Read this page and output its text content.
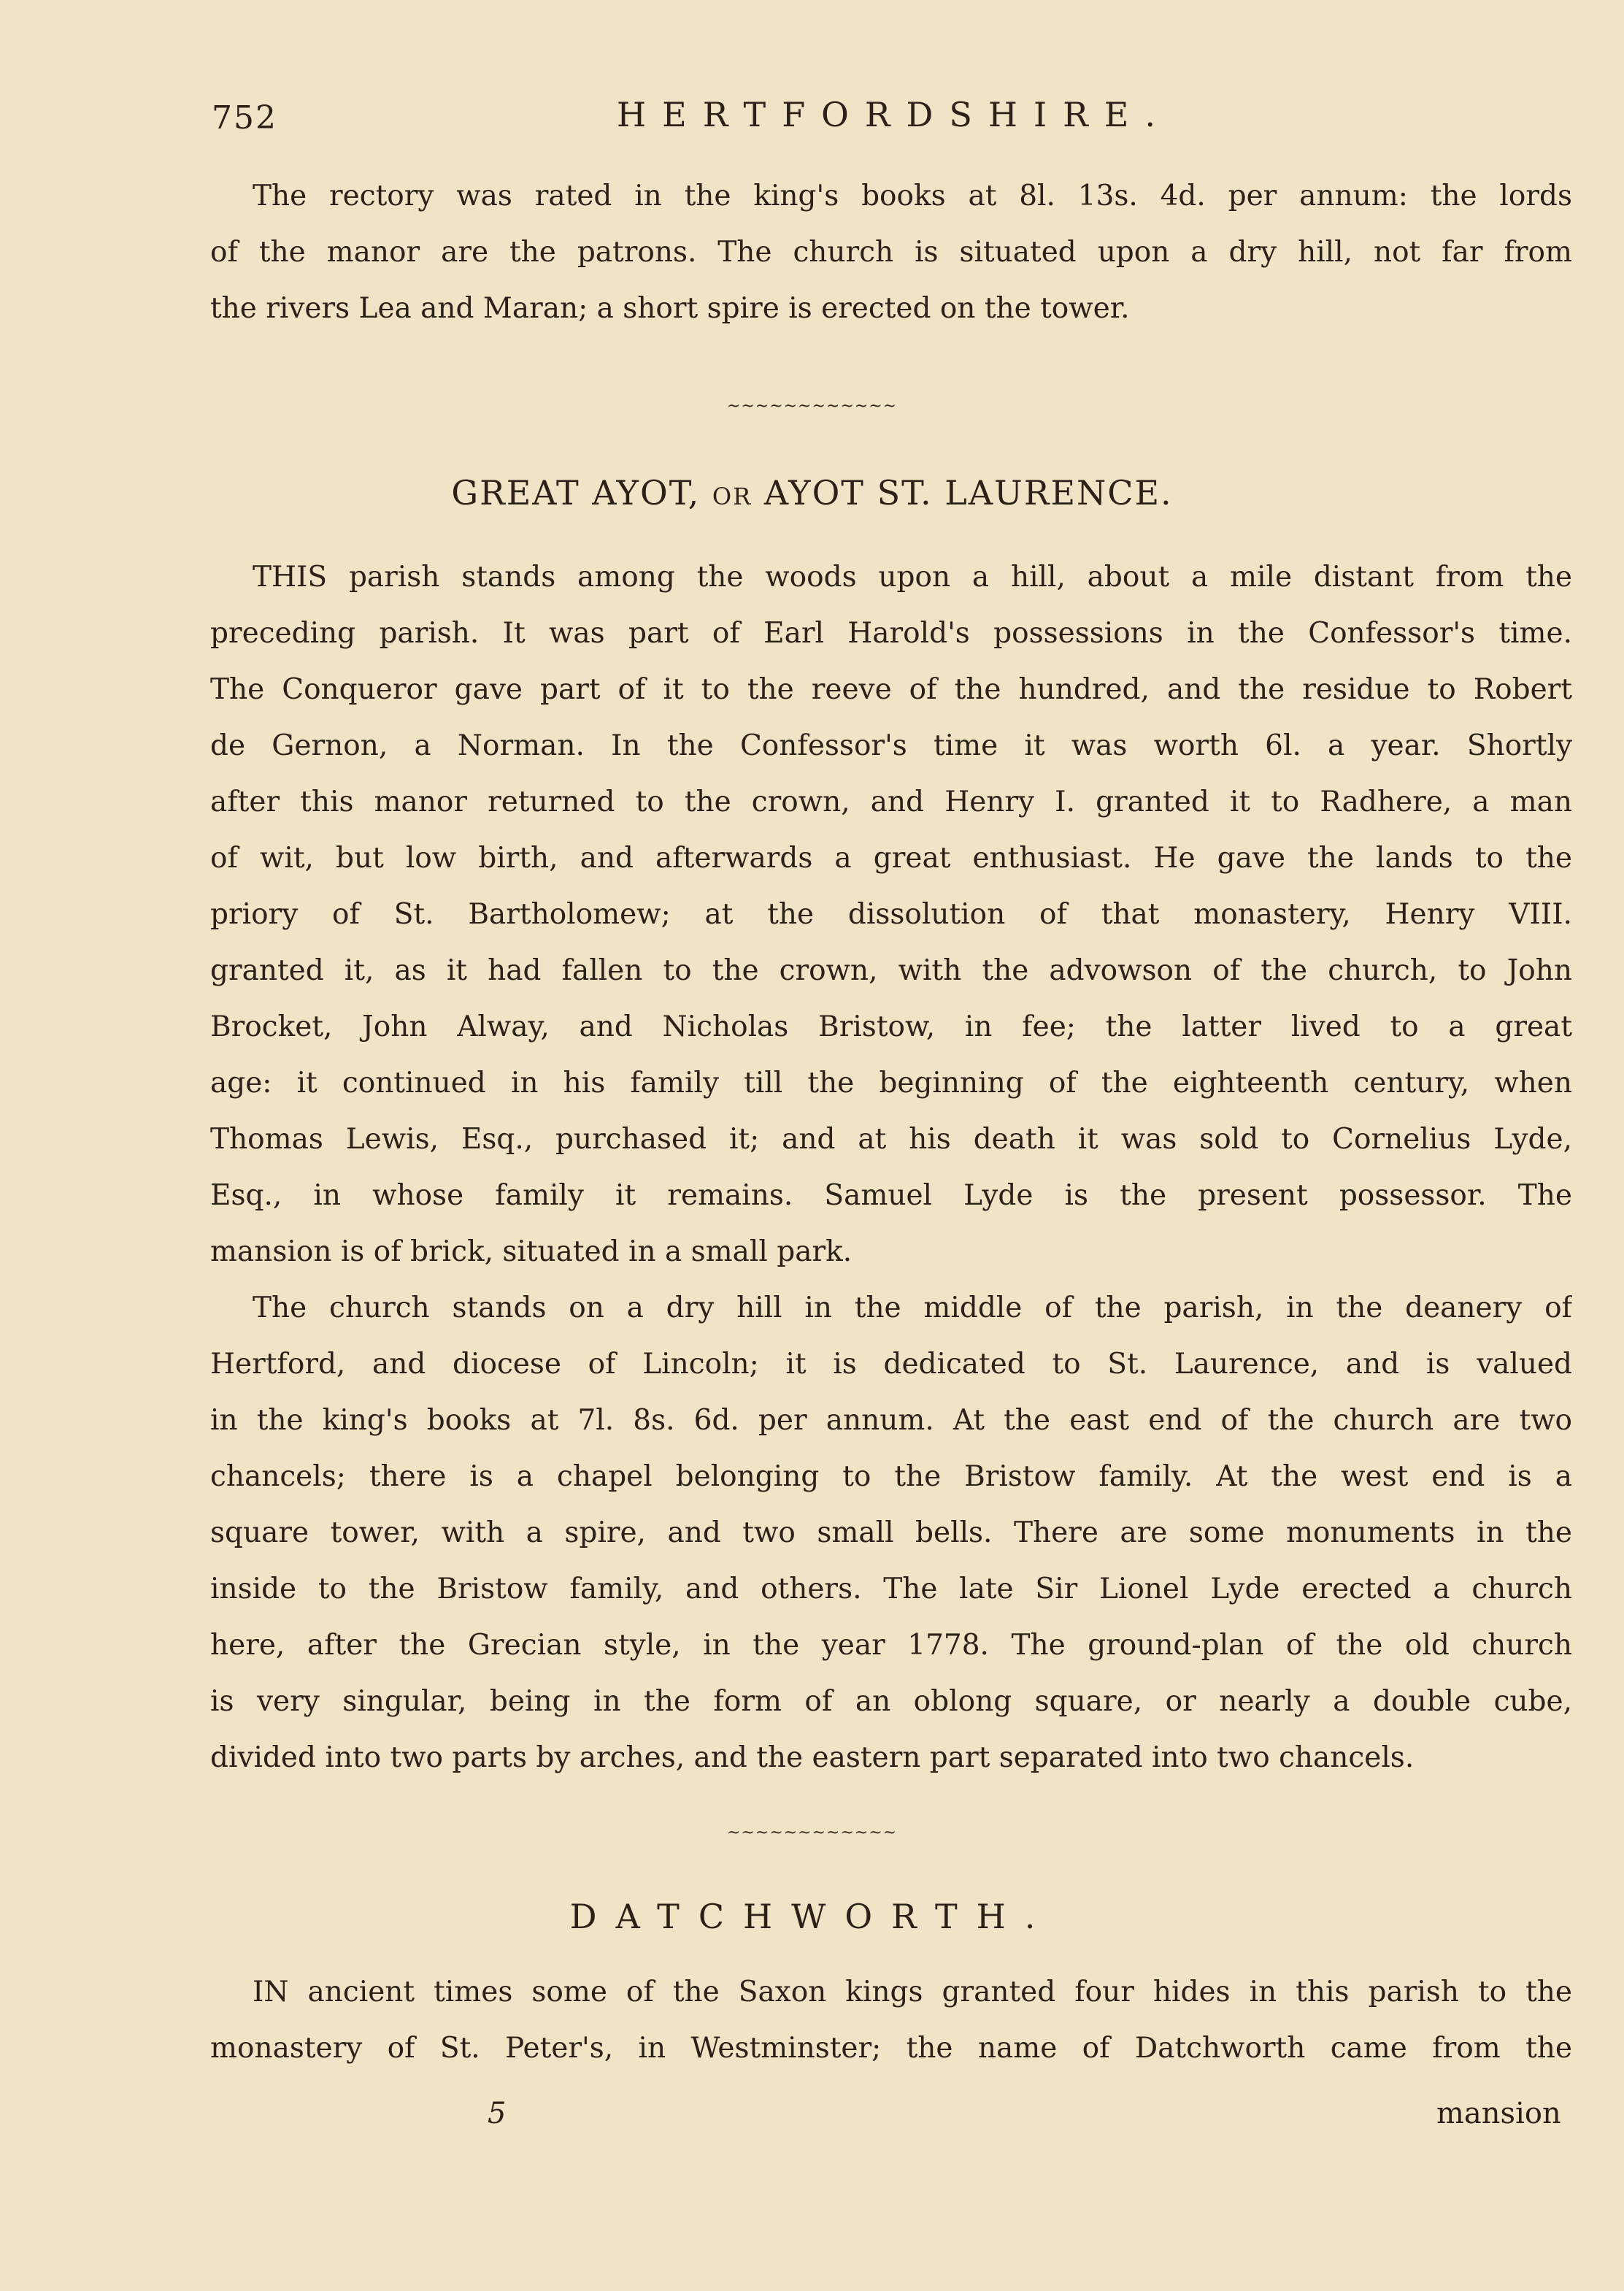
752	HERTFORDSHIRE.
The rectory was rated in the king's books at 8l. 13s. 4d. per annum: the lords
of the manor are the patrons. The church is situated upon a dry hill, not far from
the rivers Lea and Maran; a short spire is erected on the tower.
~~~~~~~~~~~~
GREAT AYOT, OR AYOT ST. LAURENCE.
THIS parish stands among the woods upon a hill, about a mile distant from the
preceding parish. It was part of Earl Harold's possessions in the Confessor's time.
The Conqueror gave part of it to the reeve of the hundred, and the residue to Robert
de Gernon, a Norman. In the Confessor's time it was worth 6l. a year. Shortly
after this manor returned to the crown, and Henry I. granted it to Radhere, a man
of wit, but low birth, and afterwards a great enthusiast. He gave the lands to the
priory of St. Bartholomew; at the dissolution of that monastery, Henry VIII.
granted it, as it had fallen to the crown, with the advowson of the church, to John
Brocket, John Alway, and Nicholas Bristow, in fee; the latter lived to a great
age: it continued in his family till the beginning of the eighteenth century, when
Thomas Lewis, Esq., purchased it; and at his death it was sold to Cornelius Lyde,
Esq., in whose family it remains. Samuel Lyde is the present possessor. The
mansion is of brick, situated in a small park.
The church stands on a dry hill in the middle of the parish, in the deanery of
Hertford, and diocese of Lincoln; it is dedicated to St. Laurence, and is valued
in the king's books at 7l. 8s. 6d. per annum. At the east end of the church are two
chancels; there is a chapel belonging to the Bristow family. At the west end is a
square tower, with a spire, and two small bells. There are some monuments in the
inside to the Bristow family, and others. The late Sir Lionel Lyde erected a church
here, after the Grecian style, in the year 1778. The ground-plan of the old church
is very singular, being in the form of an oblong square, or nearly a double cube,
divided into two parts by arches, and the eastern part separated into two chancels.
~~~~~~~~~~~~
DATCHWORTH.
IN ancient times some of the Saxon kings granted four hides in this parish to the
monastery of St. Peter's, in Westminster; the name of Datchworth came from the
5	mansion
